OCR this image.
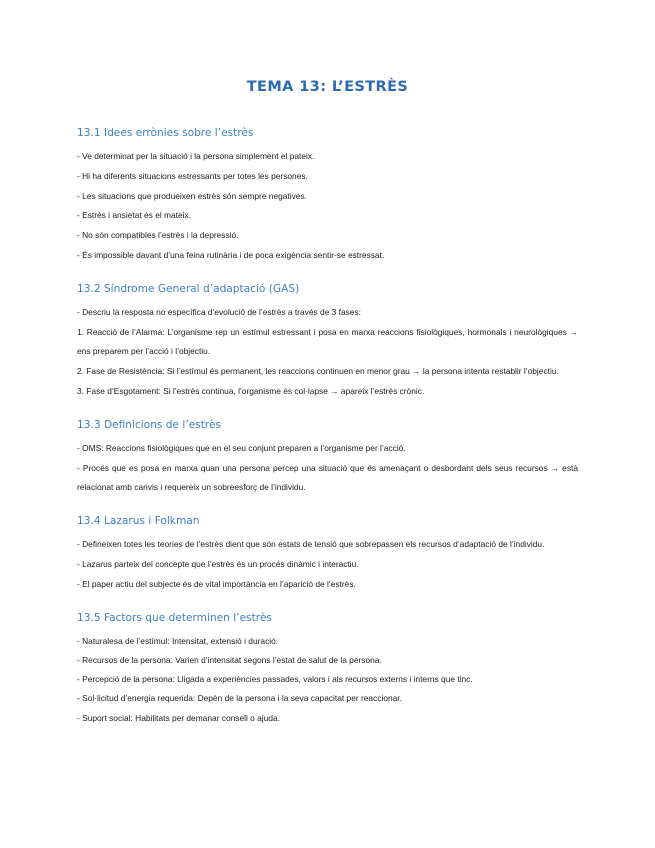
TEMA 13: L’ESTRÈS
13.1 Idees errònies sobre l’estrès

- Ve determinat per la situació i la persona simplement el pateix.

- Hi ha diferents situacions estressants per totes les persones.

- Les situacions que produeixen estrès són sempre negatives.

- Estrès i ansietat és el mateix.

- No són compatibles l’estrès i la depressió.

- És impossible davant d’una feina rutinària i de poca exigència sentir-se estressat.

13.2 Síndrome General d’adaptació (GAS)

- Descriu la resposta no específica d’evolució de l’estrès a través de 3 fases:

1. Reacció de l’Alarma: L’organisme rep un estímul estressant i posa en marxa reaccions fisiològiques, hormonals i neurològiques → ens preparem per l’acció i l’objectiu.

2. Fase de Resistència: Si l’estímul és permanent, les reaccions continuen en menor grau → la persona intenta restablir l’objectiu.

3. Fase d’Esgotament: Si l’estrès continua, l’organisme és col·lapse → apareix l’estrès crònic.

13.3 Definicions de l’estrès

- OMS: Reaccions fisiològiques que en el seu conjunt preparen a l’organisme per l’acció.

- Procés que es posa en marxa quan una persona percep una situació que és amenaçant o desbordant dels seus recursos → està relacionat amb canvis i requereix un sobreesforç de l’individu.

13.4 Lazarus i Folkman

- Defineixen totes les teories de l’estrès dient que són estats de tensió que sobrepassen els recursos d’adaptació de l’individu.

- Lazarus parteix del concepte que l’estrès és un procés dinàmic i interactiu.

- El paper actiu del subjecte és de vital importància en l’aparició de l’estrès.

13.5 Factors que determinen l’estrès

- Naturalesa de l’estímul: Intensitat, extensió i duració.

- Recursos de la persona: Varien d’intensitat segons l’estat de salut de la persona.

- Percepció de la persona: Lligada a experiències passades, valors i als recursos externs i interns que tinc.

- Sol·licitud d’energia requerida: Depèn de la persona i la seva capacitat per reaccionar.

- Suport social: Habilitats per demanar consell o ajuda.
